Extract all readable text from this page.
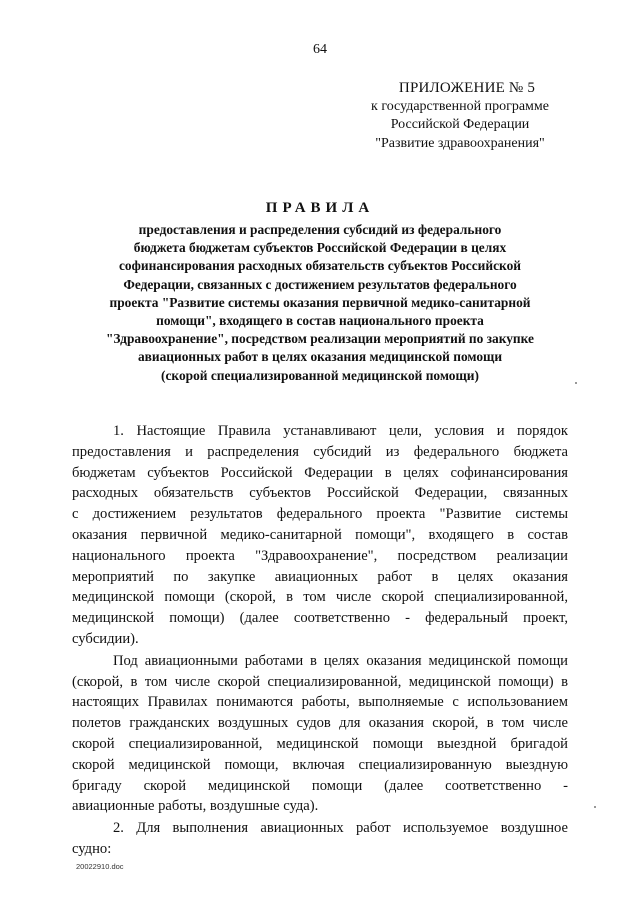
64
ПРИЛОЖЕНИЕ № 5
к государственной программе
Российской Федерации
"Развитие здравоохранения"
ПРАВИЛА
предоставления и распределения субсидий из федерального
бюджета бюджетам субъектов Российской Федерации в целях
софинансирования расходных обязательств субъектов Российской
Федерации, связанных с достижением результатов федерального
проекта "Развитие системы оказания первичной медико-санитарной
помощи", входящего в состав национального проекта
"Здравоохранение", посредством реализации мероприятий по закупке
авиационных работ в целях оказания медицинской помощи
(скорой специализированной медицинской помощи)
1. Настоящие Правила устанавливают цели, условия и порядок
предоставления и распределения субсидий из федерального бюджета
бюджетам субъектов Российской Федерации в целях софинансирования
расходных обязательств субъектов Российской Федерации, связанных
с достижением результатов федерального проекта "Развитие системы
оказания первичной медико-санитарной помощи", входящего в состав
национального проекта "Здравоохранение", посредством реализации
мероприятий по закупке авиационных работ в целях оказания
медицинской помощи (скорой, в том числе скорой специализированной,
медицинской помощи) (далее соответственно - федеральный проект,
субсидии).
Под авиационными работами в целях оказания медицинской помощи
(скорой, в том числе скорой специализированной, медицинской помощи) в
настоящих Правилах понимаются работы, выполняемые с использованием
полетов гражданских воздушных судов для оказания скорой, в том числе
скорой специализированной, медицинской помощи выездной бригадой
скорой медицинской помощи, включая специализированную выездную
бригаду скорой медицинской помощи (далее соответственно -
авиационные работы, воздушные суда).
2. Для выполнения авиационных работ используемое воздушное
судно:
20022910.doc
